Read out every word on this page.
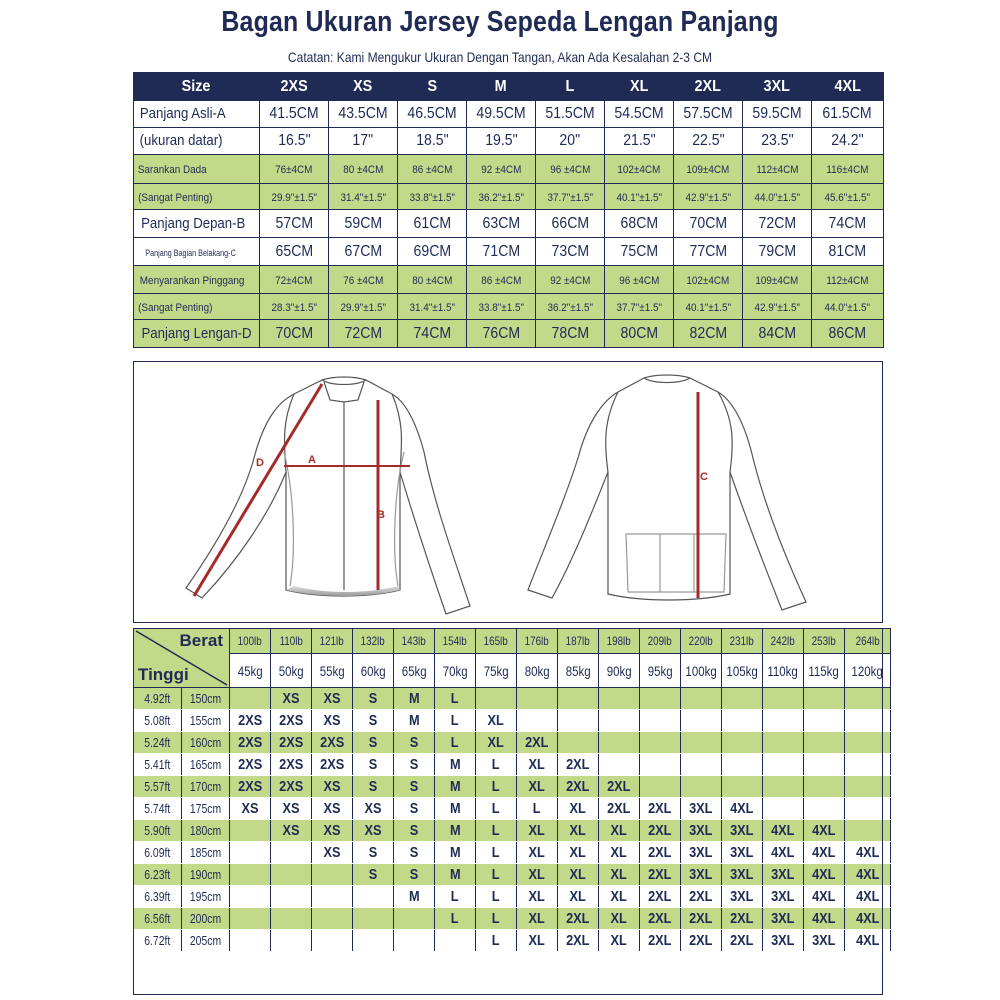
Bagan Ukuran Jersey Sepeda Lengan Panjang
Catatan: Kami Mengukur Ukuran Dengan Tangan, Akan Ada Kesalahan 2-3 CM
Size	2XS	XS	S	M	L	XL	2XL	3XL	4XL
Panjang Asli-A	41.5CM	43.5CM	46.5CM	49.5CM	51.5CM	54.5CM	57.5CM	59.5CM	61.5CM
(ukuran datar)	16.5"	17"	18.5"	19.5"	20"	21.5"	22.5"	23.5"	24.2"
Sarankan Dada	76±4CM	80 ±4CM	86 ±4CM	92 ±4CM	96 ±4CM	102±4CM	109±4CM	112±4CM	116±4CM
(Sangat Penting)	29.9"±1.5"	31.4"±1.5"	33.8"±1.5"	36.2"±1.5"	37.7"±1.5"	40.1"±1.5"	42.9"±1.5"	44.0"±1.5"	45.6"±1.5"
Panjang Depan-B	57CM	59CM	61CM	63CM	66CM	68CM	70CM	72CM	74CM
Panjang Bagian Belakang-C	65CM	67CM	69CM	71CM	73CM	75CM	77CM	79CM	81CM
Menyarankan Pinggang	72±4CM	76 ±4CM	80 ±4CM	86 ±4CM	92 ±4CM	96 ±4CM	102±4CM	109±4CM	112±4CM
(Sangat Penting)	28.3"±1.5"	29.9"±1.5"	31.4"±1.5"	33.8"±1.5"	36.2"±1.5"	37.7"±1.5"	40.1"±1.5"	42.9"±1.5"	44.0"±1.5"
Panjang Lengan-D	70CM	72CM	74CM	76CM	78CM	80CM	82CM	84CM	86CM
D	A
B
C
Berat
Tinggi		100lb	110lb	121lb	132lb	143lb	154lb	165lb	176lb	187lb	198lb	209lb	220lb	231lb	242lb	253lb	264lb
		45kg	50kg	55kg	60kg	65kg	70kg	75kg	80kg	85kg	90kg	95kg	100kg	105kg	110kg	115kg	120kg
4.92ft	150cm		XS	XS	S	M	L										
5.08ft	155cm	2XS	2XS	XS	S	M	L	XL									
5.24ft	160cm	2XS	2XS	2XS	S	S	L	XL	2XL								
5.41ft	165cm	2XS	2XS	2XS	S	S	M	L	XL	2XL							
5.57ft	170cm	2XS	2XS	XS	S	S	M	L	XL	2XL	2XL						
5.74ft	175cm	XS	XS	XS	XS	S	M	L	L	XL	2XL	2XL	3XL	4XL			
5.90ft	180cm		XS	XS	XS	S	M	L	XL	XL	XL	2XL	3XL	3XL	4XL	4XL	
6.09ft	185cm			XS	S	S	M	L	XL	XL	XL	2XL	3XL	3XL	4XL	4XL	4XL
6.23ft	190cm				S	S	M	L	XL	XL	XL	2XL	3XL	3XL	3XL	4XL	4XL
6.39ft	195cm					M	L	L	XL	XL	XL	2XL	2XL	3XL	3XL	4XL	4XL
6.56ft	200cm						L	L	XL	2XL	XL	2XL	2XL	2XL	3XL	4XL	4XL
6.72ft	205cm							L	XL	2XL	XL	2XL	2XL	2XL	3XL	3XL	4XL
